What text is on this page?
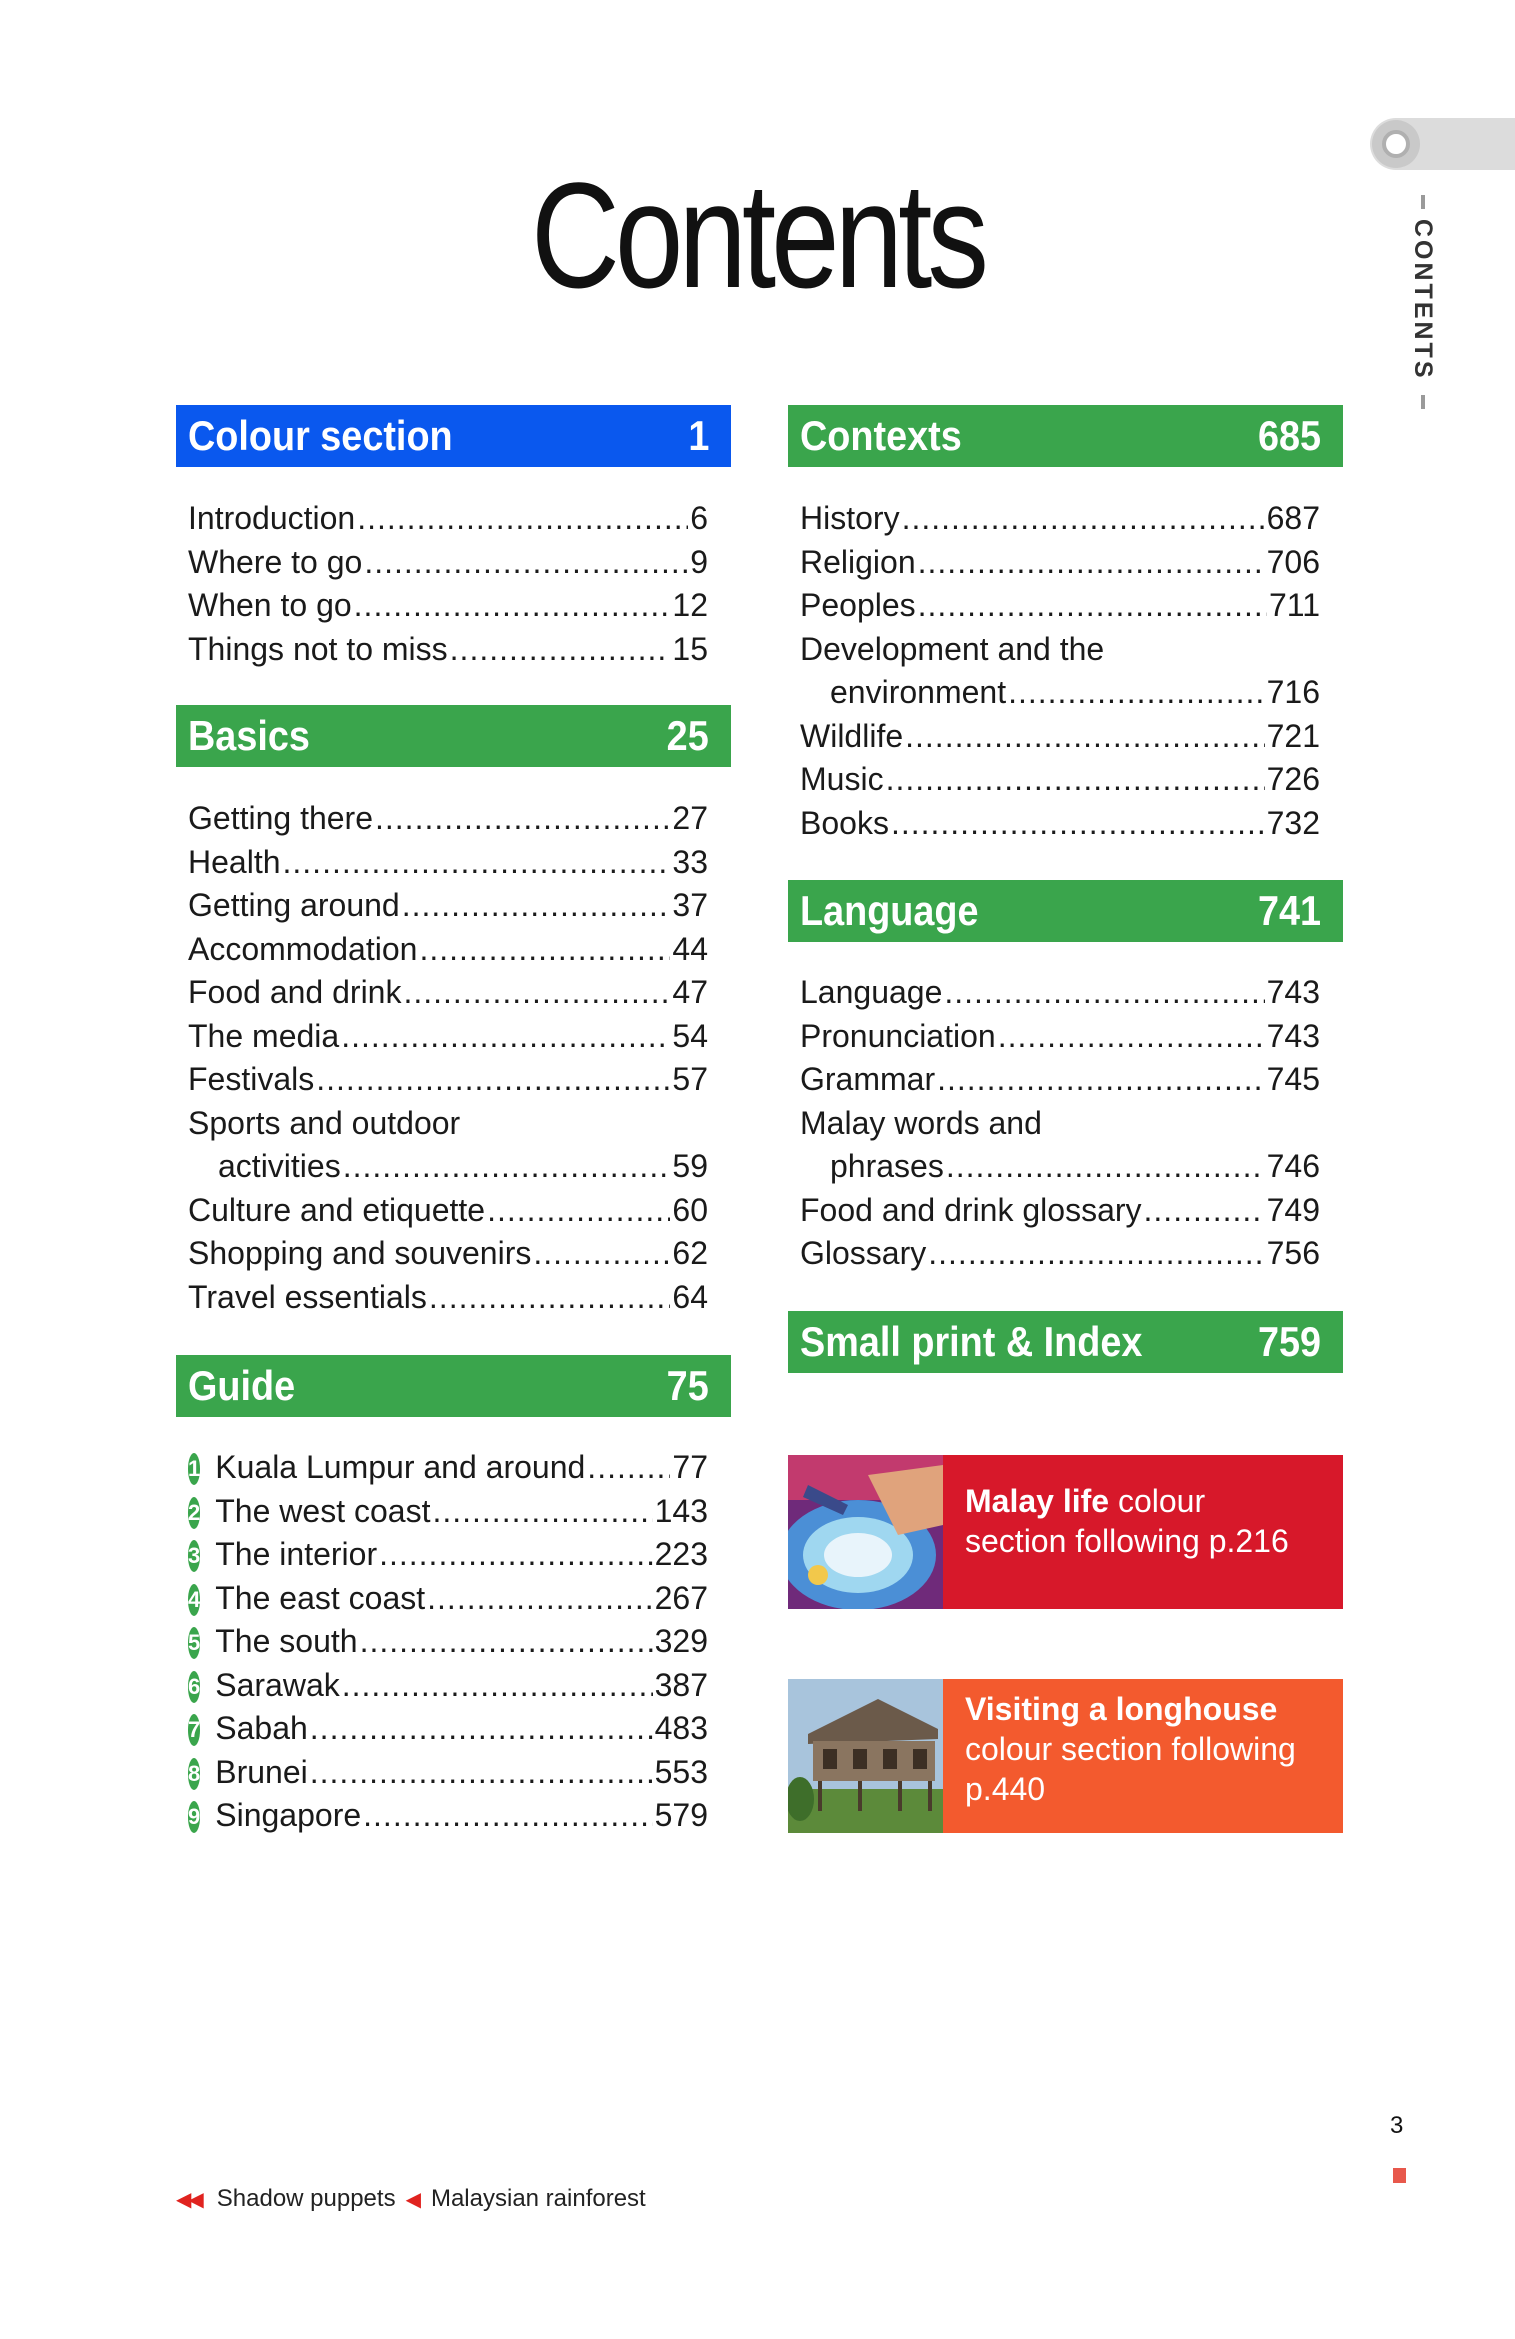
Contents	CONTENTS
Colour section	1
Introduction .....	6
Where to go .....	9
When to go .....	12
Things not to miss .....	15
Basics	25
Getting there .....	27
Health .....	33
Getting around .....	37
Accommodation .....	44
Food and drink .....	47
The media .....	54
Festivals .....	57
Sports and outdoor
activities .....	59
Culture and etiquette .....	60
Shopping and souvenirs .....	62
Travel essentials .....	64
Guide	75
1 Kuala Lumpur and around .....	77
2 The west coast .....	143
3 The interior .....	223
4 The east coast .....	267
5 The south .....	329
6 Sarawak .....	387
7 Sabah .....	483
8 Brunei .....	553
9 Singapore .....	579
Contexts	685
History .....	687
Religion .....	706
Peoples .....	711
Development and the
environment .....	716
Wildlife .....	721
Music .....	726
Books .....	732
Language	741
Language .....	743
Pronunciation .....	743
Grammar .....	745
Malay words and
phrases .....	746
Food and drink glossary .....	749
Glossary .....	756
Small print & Index	759
Malay life colour
section following p.216
Visiting a longhouse
colour section following
p.440
3
◀◀ Shadow puppets ◀ Malaysian rainforest
